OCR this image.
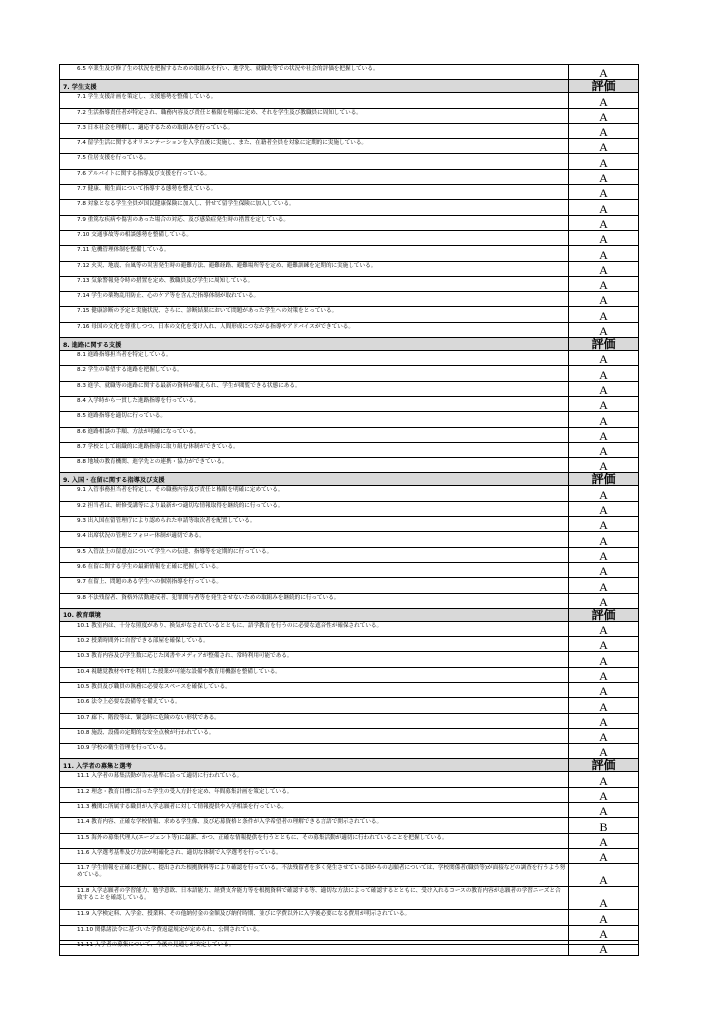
6.5 卒業生及び修了生の状況を把握するための取組みを行い、進学先、就職先等での状況や社会的評価を把握している。	A
7. 学生支援	評価
7.1 学生支援計画を策定し、支援態勢を整備している。	A
7.2 生活指導責任者が特定され、職務内容及び責任と権限を明確に定め、それを学生及び教職員に周知している。	A
7.3 日本社会を理解し、適応するための取組みを行っている。	A
7.4 留学生活に関するオリエンテーションを入学直後に実施し、また、在籍者全員を対象に定期的に実施している。	A
7.5 住居支援を行っている。	A
7.6 アルバイトに関する指導及び支援を行っている。	A
7.7 健康、衛生面について指導する態勢を整えている。	A
7.8 対象となる学生全員が国民健康保険に加入し、併せて留学生保険に加入している。	A
7.9 重篤な疾病や傷害のあった場合の対応、及び感染症発生時の措置を定している。	A
7.10 交通事故等の相談態勢を整備している。	A
7.11 危機管理体制を整備している。	A
7.12 火災、地震、台風等の災害発生時の避難方法、避難経路、避難場所等を定め、避難訓練を定期的に実施している。	A
7.13 気象警報発令時の措置を定め、教職員及び学生に周知している。	A
7.14 学生の薬物乱用防止、心のケア等を含んだ指導体制が取れている。	A
7.15 健康診断の予定と実施状況、さらに、診断結果において問題があった学生への対策をとっている。	A
7.16 母国の文化を尊重しつつ、日本の文化を受け入れ、人間形成につながる指導やアドバイスができている。	A
8. 進路に関する支援	評価
8.1 進路指導担当者を特定している。	A
8.2 学生の希望する進路を把握している。	A
8.3 進学、就職等の進路に関する最新の資料が備えられ、学生が閲覧できる状態にある。	A
8.4 入学時から一貫した進路指導を行っている。	A
8.5 進路指導を適切に行っている。	A
8.6 進路相談の手順、方法が明確になっている。	A
8.7 学校として組織的に進路指導に取り組む体制ができている。	A
8.8 地域の教育機関、進学先との連携・協力ができている。	A
9. 入国・在留に関する指導及び支援	評価
9.1 入管事務担当者を特定し、その職務内容及び責任と権限を明確に定めている。	A
9.2 担当者は、研修受講等により最新かつ適切な情報取得を継続的に行っている。	A
9.3 出入国在留管理庁により認められた申請等取次者を配置している。	A
9.4 出席状況の管理とフォロー体制が適切である。	A
9.5 入管法上の留意点について学生への伝達、指導等を定期的に行っている。	A
9.6 在留に関する学生の最新情報を正確に把握している。	A
9.7 在留上、問題のある学生への個別指導を行っている。	A
9.8 不法残留者、資格外活動違反者、犯罪関与者等を発生させないための取組みを継続的に行っている。	A
10. 教育環境	評価
10.1 教室内は、十分な照度があり、換気がなされているとともに、語学教育を行うのに必要な遮音性が確保されている。	A
10.2 授業時間外に自習できる部屋を確保している。	A
10.3 教育内容及び学生数に応じた図書やメディアが整備され、常時利用可能である。	A
10.4 視聴覚教材やITを利用した授業が可能な設備や教育用機器を整備している。	A
10.5 教員及び職員の執務に必要なスペースを確保している。	A
10.6 法令上必要な設備等を備えている。	A
10.7 廊下、階段等は、緊急時に危険のない形状である。	A
10.8 施設、設備の定期的な安全点検が行われている。	A
10.9 学校の衛生管理を行っている。	A
11. 入学者の募集と選考	評価
11.1 入学者の募集活動が告示基準に沿って適切に行われている。	A
11.2 理念・教育目標に沿った学生の受入方針を定め、年間募集計画を策定している。	A
11.3 機関に所属する職員が入学志願者に対して情報提供や入学相談を行っている。	A
11.4 教育内容、正確な学校情報、求める学生像、及び応募資格と条件が入学希望者の理解できる言語で開示されている。	B
11.5 海外の募集代理人(エージェント等)に最新、かつ、正確な情報提供を行うとともに、その募集活動が適切に行われていることを把握している。	A
11.6 入学選考基準及び方法が明確化され、適切な体制で入学選考を行っている。	A
11.7 学生情報を正確に把握し、提出された根拠資料等により確認を行っている。不法残留者を多く発生させている国からの志願者については、学校関係者(職員等)が面接などの調査を行うよう努めている。	A
11.8 入学志願者の学習能力、勉学意欲、日本語能力、経費支弁能力等を根拠資料で確認する等、適切な方法によって確認するとともに、受け入れるコースの教育内容が志願者の学習ニーズと合致することを確認している。	A
11.9 入学検定料、入学金、授業料、その他納付金の金額及び納付時期、並びに学費以外に入学後必要になる費用が明示されている。	A
11.10 関係諸法令に基づいた学費返還規定が定められ、公開されている。	A
11.11 入学者の募集について、今後の見通しが安定している。	A
